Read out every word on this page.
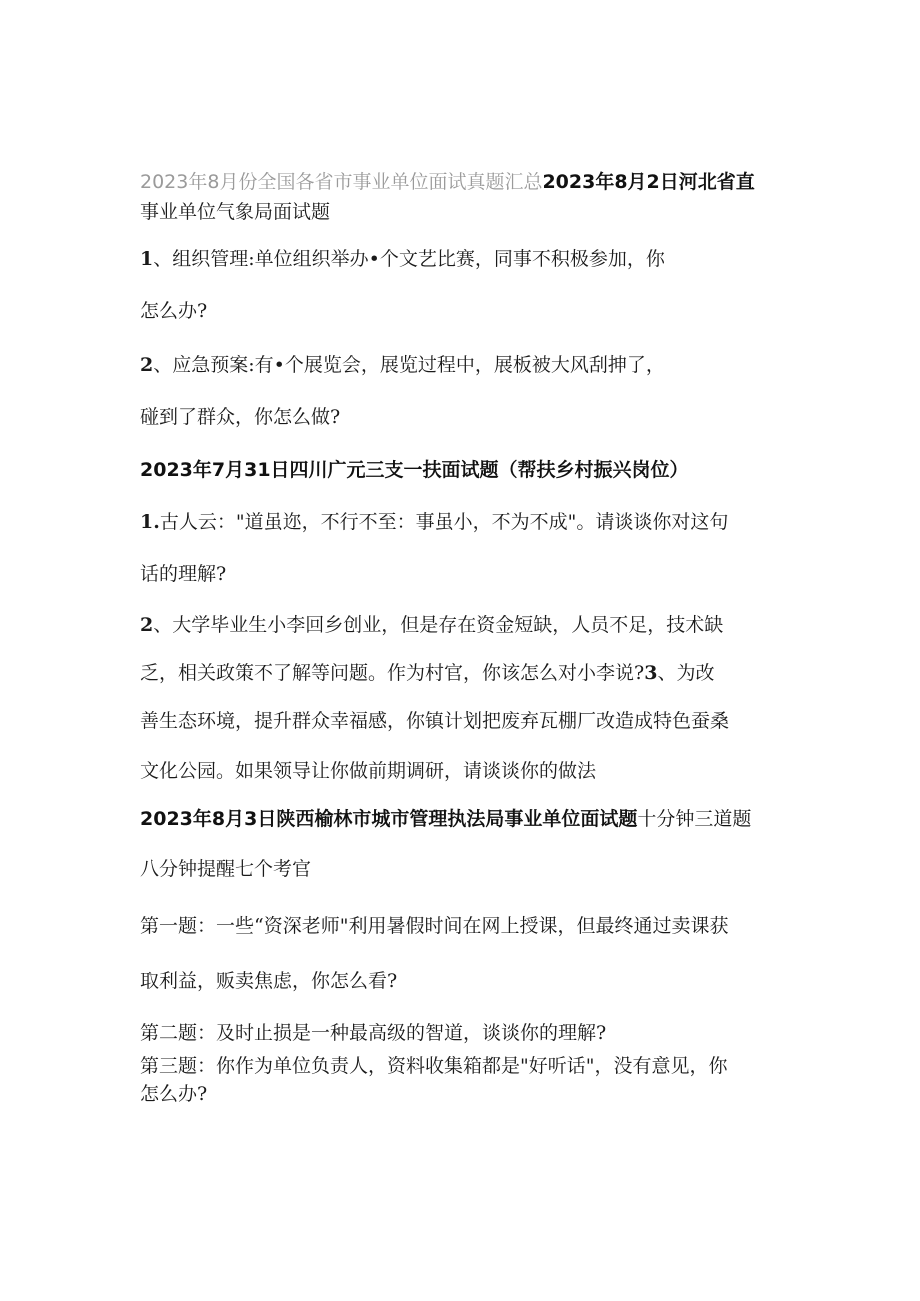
2023年8月份全国各省市事业单位面试真题汇总2023年8月2日河北省直
事业单位气象局面试题
1、组织管理:单位组织举办•个文艺比赛，同事不积极参加，你
怎么办?
2、应急预案:有•个展览会，展览过程中，展板被大风刮抻了，
碰到了群众，你怎么做?
2023年7月31日四川广元三支一扶面试题（帮扶乡村振兴岗位）
1.古人云："道虽迩，不行不至：事虽小，不为不成"。请谈谈你对这句
话的理解?
2、大学毕业生小李回乡创业，但是存在资金短缺，人员不足，技术缺
乏，相关政策不了解等问题。作为村官，你该怎么对小李说?3、为改
善生态环境，提升群众幸福感，你镇计划把废弃瓦棚厂改造成特色蚕桑
文化公园。如果领导让你做前期调研，请谈谈你的做法
2023年8月3日陕西榆林市城市管理执法局事业单位面试题十分钟三道题
八分钟提醒七个考官
第一题：一些“资深老师"利用暑假时间在网上授课，但最终通过卖课获
取利益，贩卖焦虑，你怎么看?
第二题：及时止损是一种最高级的智道，谈谈你的理解?
第三题：你作为单位负责人，资料收集箱都是"好听话"，没有意见，你
怎么办?
